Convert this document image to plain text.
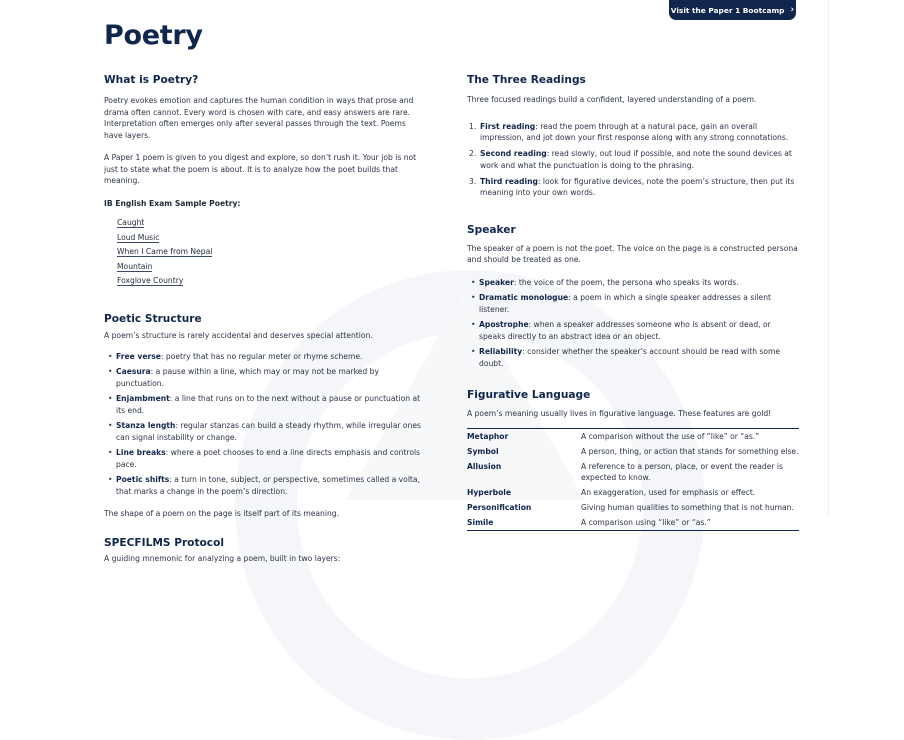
Visit the Paper 1 Bootcamp ›
Poetry
What is Poetry?

Poetry evokes emotion and captures the human condition in ways that prose and drama often cannot. Every word is chosen with care, and easy answers are rare. Interpretation often emerges only after several passes through the text. Poems have layers.

A Paper 1 poem is given to you digest and explore, so don’t rush it. Your job is not just to state what the poem is about. It is to analyze how the poet builds that meaning.

IB English Exam Sample Poetry:

Caught
Loud Music
When I Came from Nepal
Mountain
Foxglove Country
Poetic Structure

A poem’s structure is rarely accidental and deserves special attention.

• Free verse: poetry that has no regular meter or rhyme scheme.
• Caesura: a pause within a line, which may or may not be marked by punctuation.
• Enjambment: a line that runs on to the next without a pause or punctuation at its end.
• Stanza length: regular stanzas can build a steady rhythm, while irregular ones can signal instability or change.
• Line breaks: where a poet chooses to end a line directs emphasis and controls pace.
• Poetic shifts: a turn in tone, subject, or perspective, sometimes called a volta, that marks a change in the poem’s direction.

The shape of a poem on the page is itself part of its meaning.

SPECFILMS Protocol

A guiding mnemonic for analyzing a poem, built in two layers:

The Three Readings

Three focused readings build a confident, layered understanding of a poem.

1. First reading: read the poem through at a natural pace, gain an overall impression, and jot down your first response along with any strong connotations.
2. Second reading: read slowly, out loud if possible, and note the sound devices at work and what the punctuation is doing to the phrasing.
3. Third reading: look for figurative devices, note the poem’s structure, then put its meaning into your own words.
Speaker

The speaker of a poem is not the poet. The voice on the page is a constructed persona and should be treated as one.

• Speaker: the voice of the poem, the persona who speaks its words.
• Dramatic monologue: a poem in which a single speaker addresses a silent listener.
• Apostrophe: when a speaker addresses someone who is absent or dead, or speaks directly to an abstract idea or an object.
• Reliability: consider whether the speaker’s account should be read with some doubt.
Figurative Language

A poem’s meaning usually lives in figurative language. These features are gold!

Metaphor	A comparison without the use of “like” or “as.”
Symbol	A person, thing, or action that stands for something else.
Allusion	A reference to a person, place, or event the reader is expected to know.
Hyperbole	An exaggeration, used for emphasis or effect.
Personification	Giving human qualities to something that is not human.
Simile	A comparison using “like” or “as.”
